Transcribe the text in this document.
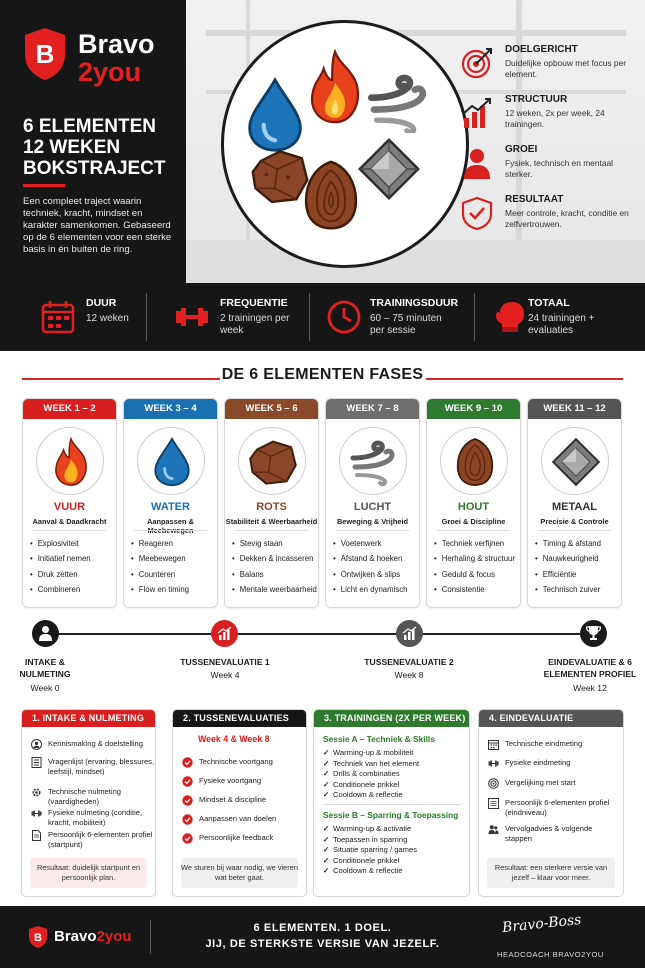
B Bravo
2you
6 ELEMENTEN
12 WEKEN
BOKSTRAJECT
Een compleet traject waarin techniek, kracht, mindset en karakter samenkomen. Gebaseerd op de 6 elementen voor een sterke basis in én buiten de ring.
DOELGERICHT
Duidelijke opbouw met focus per element.
STRUCTUUR
12 weken, 2x per week, 24 trainingen.
GROEI
Fysiek, technisch en mentaal sterker.
RESULTAAT
Meer controle, kracht, conditie en zelfvertrouwen.
DUUR
12 weken
FREQUENTIE
2 trainingen per week
TRAININGSDUUR
60 – 75 minuten per sessie
TOTAAL
24 trainingen + evaluaties
DE 6 ELEMENTEN FASES
WEEK 1 – 2
VUUR
Aanval & Daadkracht
• Explosiviteit
• Initiatief nemen
• Druk zetten
• Combineren
WEEK 3 – 4
WATER
Aanpassen &
• Reageren
• Meebewegen
• Counteren
• Flow en timing
WEEK 5 – 6
ROTS
Stabiliteit & Weerbaarheid
• Stevig staan
• Dekken & incasseren
• Balans
• Mentale weerbaarheid
WEEK 7 – 8
LUCHT
Beweging & Vrijheid
• Voetenwerk
• Afstand & hoeken
• Ontwijken & slips
• Licht en dynamisch
WEEK 9 – 10
HOUT
Groei & Discipline
• Techniek verfijnen
• Herhaling & structuur
• Geduld & focus
• Consistentie
WEEK 11 – 12
METAAL
Precisie & Controle
• Timing & afstand
• Nauwkeurigheid
• Efficiëntie
• Technisch zuiver
INTAKE & NULMETING
Week 0
TUSSENEVALUATIE 1
Week 4
TUSSENEVALUATIE 2
Week 8
EINDEVALUATIE & 6 ELEMENTEN PROFIEL
Week 12
1. INTAKE & NULMETING
Kennismaking & doelstelling
Vragenlijst (ervaring, blessures, leefstijl, mindset)
Technische nulmeting (vaardigheden)
Fysieke nulmeting (conditie, kracht, mobiliteit)
Persoonlijk 6-elementen profiel (startpunt)
Resultaat: duidelijk startpunt en persoonlijk plan.
2. TUSSENEVALUATIES
Week 4 & Week 8
Technische voortgang
Fysieke voortgang
Mindset & discipline
Aanpassen van doelen
Persoonlijke feedback
We sturen bij waar nodig, we vieren wat beter gaat.
3. TRAININGEN (2X PER WEEK)
Sessie A – Techniek & Skills
✓ Warming-up & mobiliteit
✓ Techniek van het element
✓ Drills & combinaties
✓ Conditionele prikkel
✓ Cooldown & reflectie
Sessie B – Sparring & Toepassing
✓ Warming-up & activatie
✓ Toepassen in sparring
✓ Situatie sparring / games
✓ Conditionele prikkel
✓ Cooldown & reflectie
4. EINDEVALUATIE
Technische eindmeting
Fysieke eindmeting
Vergelijking met start
Persoonlijk 6-elementen profiel (eindniveau)
Vervolgadvies & volgende stappen
Resultaat: een sterkere versie van jezelf – klaar voor meer.
B Bravo2you	6 ELEMENTEN. 1 DOEL.
JIJ, DE STERKSTE VERSIE VAN JEZELF.
Bravo-Boss
HEADCOACH BRAVO2YOU
